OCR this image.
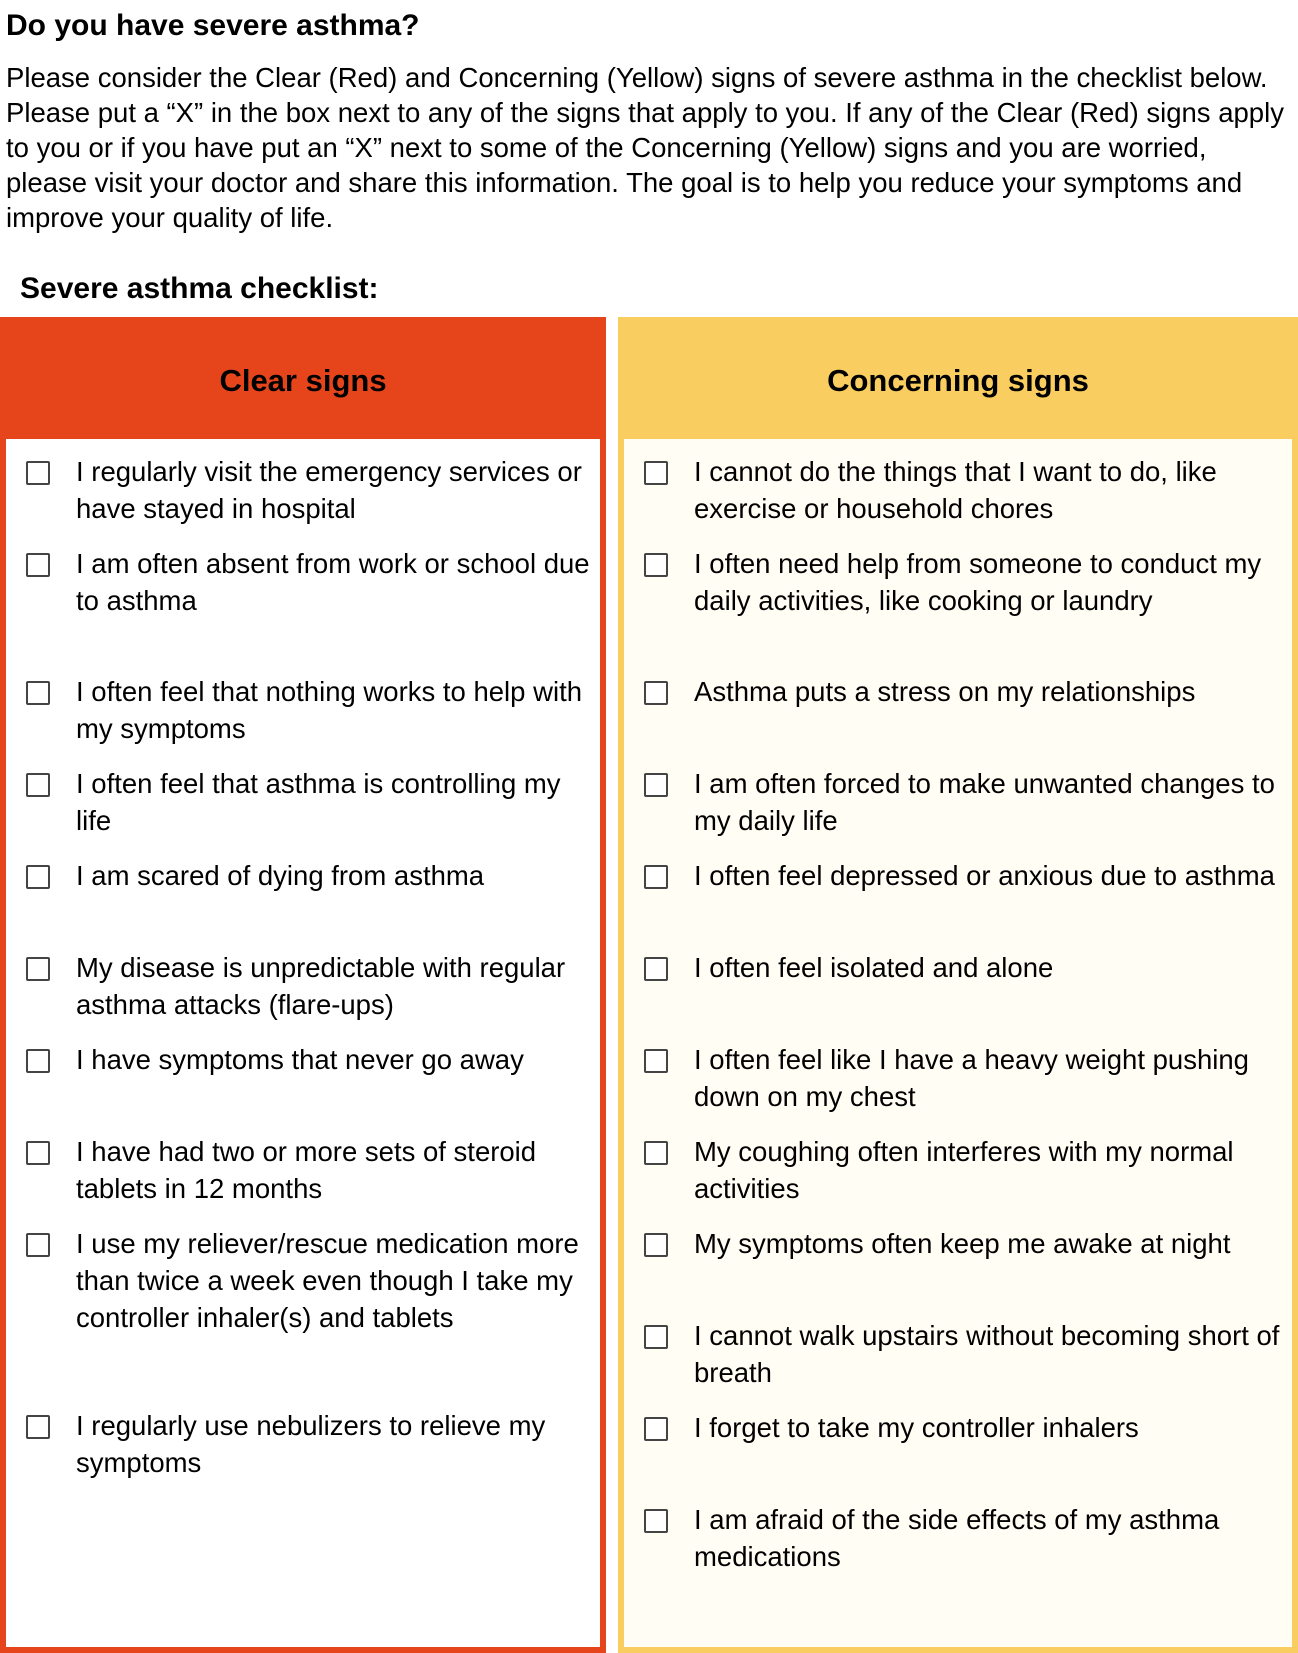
Do you have severe asthma?

Please consider the Clear (Red) and Concerning (Yellow) signs of severe asthma in the checklist below. Please put a “X” in the box next to any of the signs that apply to you. If any of the Clear (Red) signs apply to you or if you have put an “X” next to some of the Concerning (Yellow) signs and you are worried, please visit your doctor and share this information. The goal is to help you reduce your symptoms and improve your quality of life.

Severe asthma checklist:
Clear signs
I regularly visit the emergency services or have stayed in hospital
I am often absent from work or school due to asthma
I often feel that nothing works to help with my symptoms
I often feel that asthma is controlling my life
I am scared of dying from asthma
My disease is unpredictable with regular asthma attacks (flare-ups)
I have symptoms that never go away
I have had two or more sets of steroid tablets in 12 months
I use my reliever/rescue medication more than twice a week even though I take my controller inhaler(s) and tablets
I regularly use nebulizers to relieve my symptoms
Concerning signs
I cannot do the things that I want to do, like exercise or household chores
I often need help from someone to conduct my daily activities, like cooking or laundry
Asthma puts a stress on my relationships
I am often forced to make unwanted changes to my daily life
I often feel depressed or anxious due to asthma
I often feel isolated and alone
I often feel like I have a heavy weight pushing down on my chest
My coughing often interferes with my normal activities
My symptoms often keep me awake at night
I cannot walk upstairs without becoming short of breath
I forget to take my controller inhalers
I am afraid of the side effects of my asthma medications
